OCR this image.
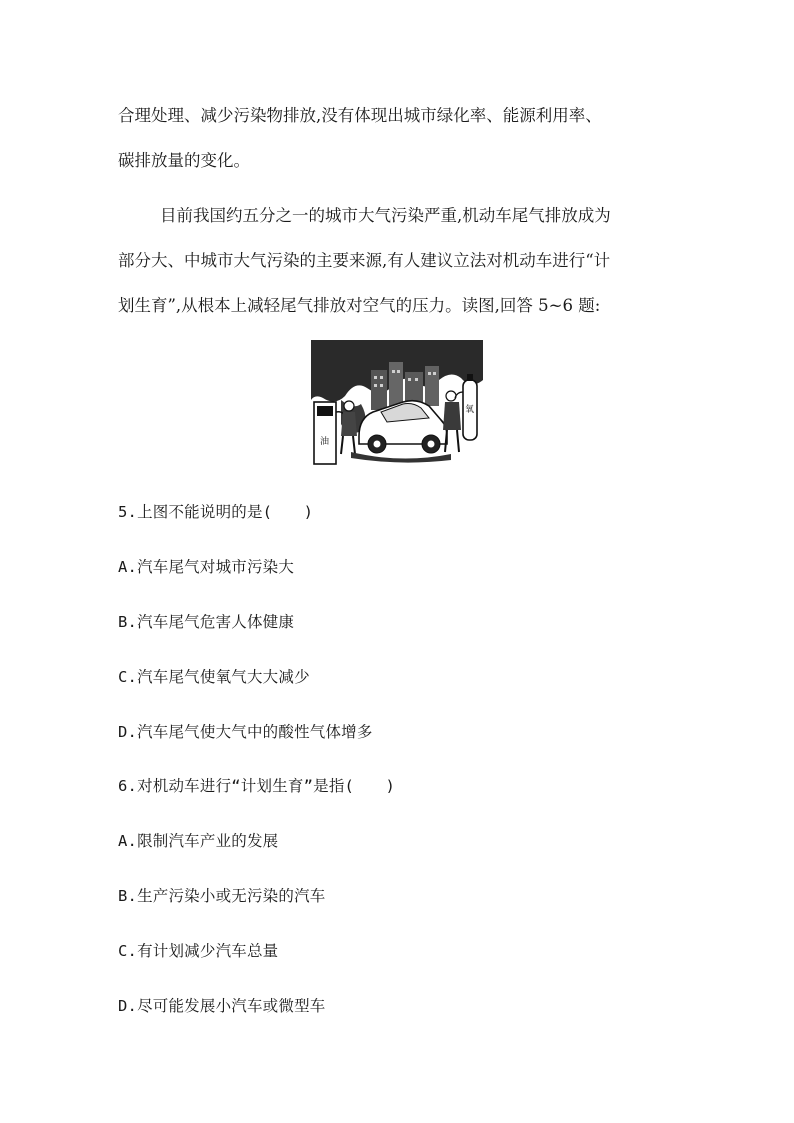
合理处理、减少污染物排放,没有体现出城市绿化率、能源利用率、
碳排放量的变化。
目前我国约五分之一的城市大气污染严重,机动车尾气排放成为
部分大、中城市大气污染的主要来源,有人建议立法对机动车进行“计
划生育”,从根本上减轻尾气排放对空气的压力。读图,回答 5~6 题:
油
氧
5.上图不能说明的是(　　)
A.汽车尾气对城市污染大
B.汽车尾气危害人体健康
C.汽车尾气使氧气大大减少
D.汽车尾气使大气中的酸性气体增多
6.对机动车进行“计划生育”是指(　　)
A.限制汽车产业的发展
B.生产污染小或无污染的汽车
C.有计划减少汽车总量
D.尽可能发展小汽车或微型车
